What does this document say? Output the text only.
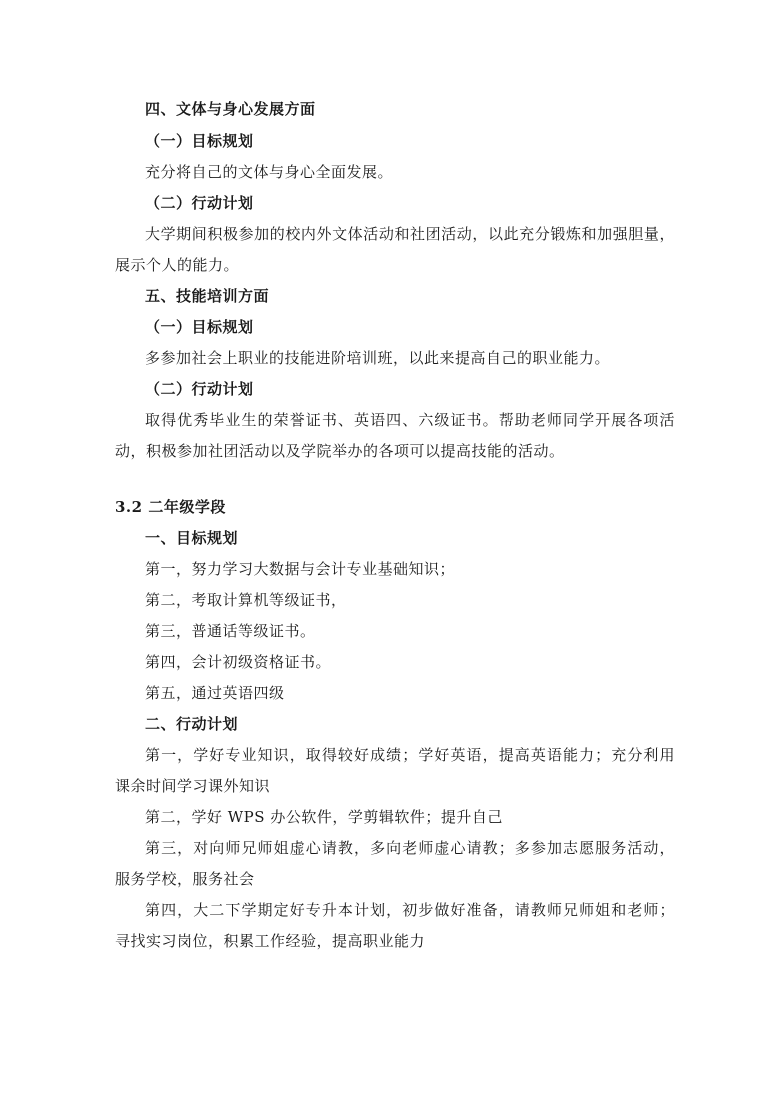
四、文体与身心发展方面
（一）目标规划
充分将自己的文体与身心全面发展。
（二）行动计划
大学期间积极参加的校内外文体活动和社团活动，以此充分锻炼和加强胆量，
展示个人的能力。
五、技能培训方面
（一）目标规划
多参加社会上职业的技能进阶培训班，以此来提高自己的职业能力。
（二）行动计划
取得优秀毕业生的荣誉证书、英语四、六级证书。帮助老师同学开展各项活
动，积极参加社团活动以及学院举办的各项可以提高技能的活动。
3.2 二年级学段
一、目标规划
第一，努力学习大数据与会计专业基础知识；
第二，考取计算机等级证书，
第三，普通话等级证书。
第四，会计初级资格证书。
第五，通过英语四级
二、行动计划
第一，学好专业知识，取得较好成绩；学好英语，提高英语能力；充分利用
课余时间学习课外知识
第二，学好 WPS 办公软件，学剪辑软件；提升自己
第三，对向师兄师姐虚心请教，多向老师虚心请教；多参加志愿服务活动，
服务学校，服务社会
第四，大二下学期定好专升本计划，初步做好准备，请教师兄师姐和老师；
寻找实习岗位，积累工作经验，提高职业能力
